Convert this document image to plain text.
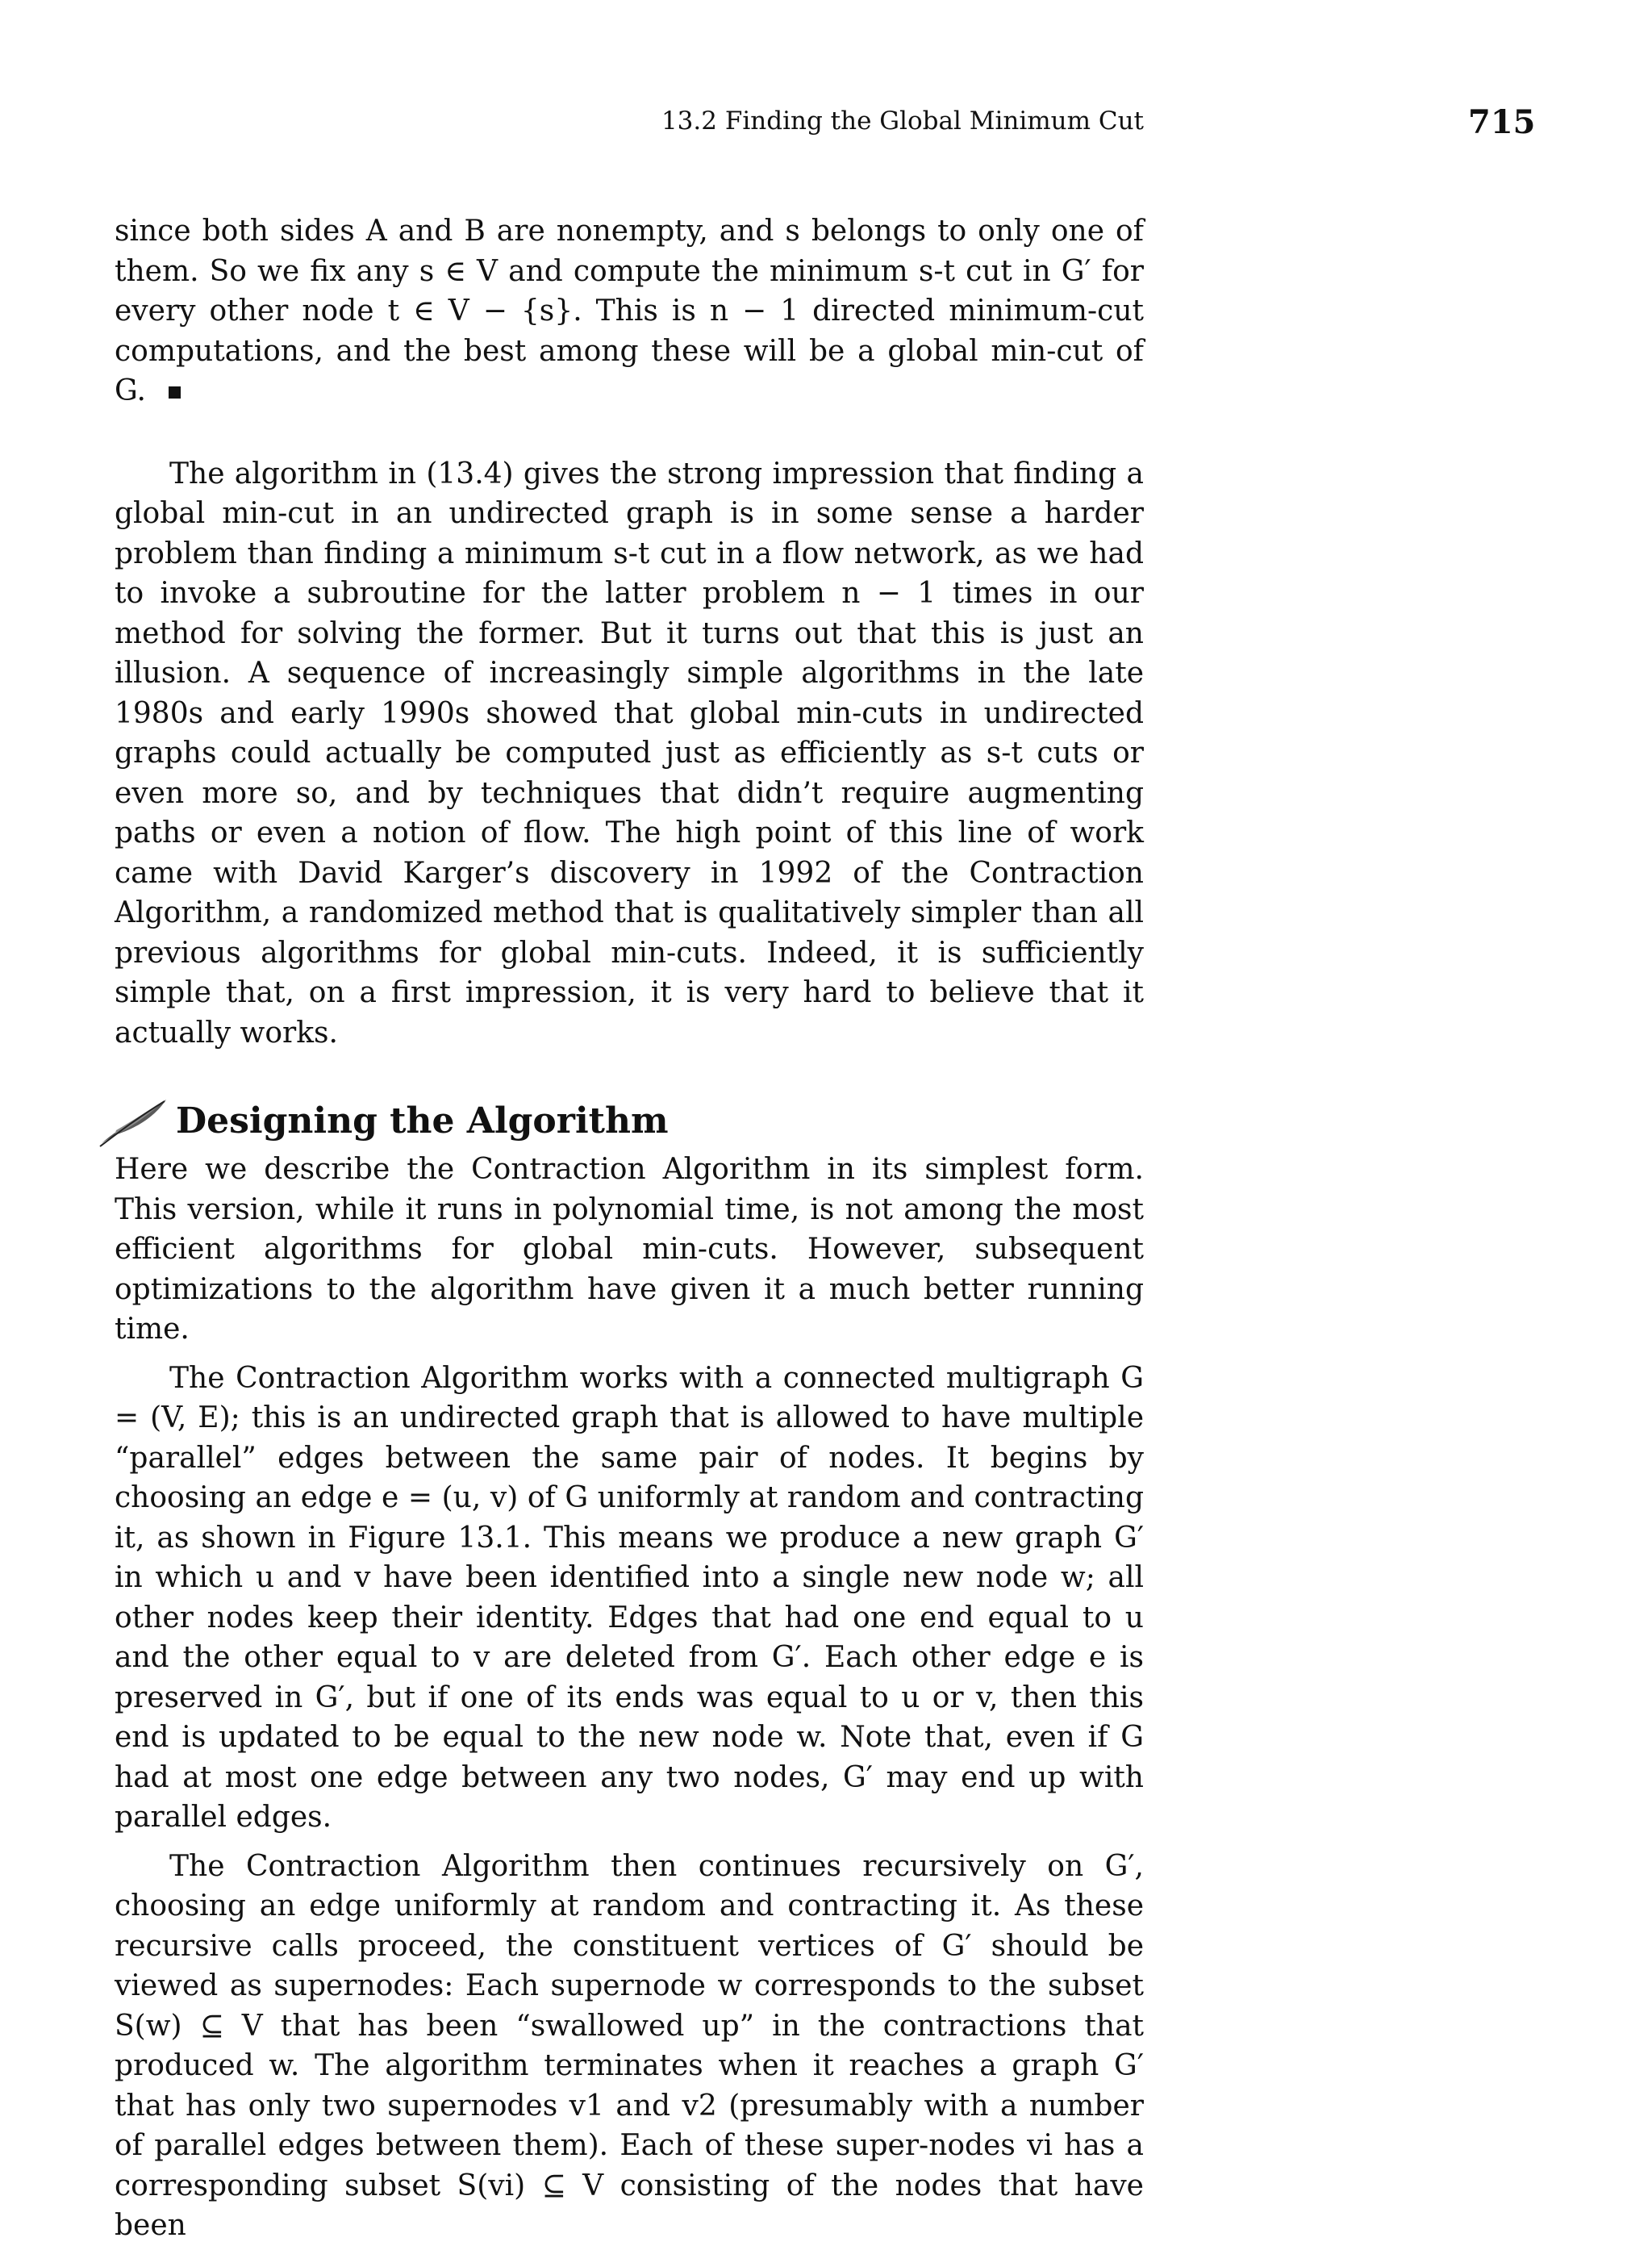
13.2 Finding the Global Minimum Cut	715

since both sides A and B are nonempty, and s belongs to only one of them. So we fix any s ∈ V and compute the minimum s-t cut in G′ for every other node t ∈ V − {s}. This is n − 1 directed minimum-cut computations, and the best among these will be a global min-cut of G.

The algorithm in (13.4) gives the strong impression that finding a global min-cut in an undirected graph is in some sense a harder problem than finding a minimum s-t cut in a flow network, as we had to invoke a subroutine for the latter problem n − 1 times in our method for solving the former. But it turns out that this is just an illusion. A sequence of increasingly simple algorithms in the late 1980s and early 1990s showed that global min-cuts in undirected graphs could actually be computed just as efficiently as s-t cuts or even more so, and by techniques that didn’t require augmenting paths or even a notion of flow. The high point of this line of work came with David Karger’s discovery in 1992 of the Contraction Algorithm, a randomized method that is qualitatively simpler than all previous algorithms for global min-cuts. Indeed, it is sufficiently simple that, on a first impression, it is very hard to believe that it actually works.

Designing the Algorithm

Here we describe the Contraction Algorithm in its simplest form. This version, while it runs in polynomial time, is not among the most efficient algorithms for global min-cuts. However, subsequent optimizations to the algorithm have given it a much better running time.

The Contraction Algorithm works with a connected multigraph G = (V, E); this is an undirected graph that is allowed to have multiple “parallel” edges between the same pair of nodes. It begins by choosing an edge e = (u, v) of G uniformly at random and contracting it, as shown in Figure 13.1. This means we produce a new graph G′ in which u and v have been identified into a single new node w; all other nodes keep their identity. Edges that had one end equal to u and the other equal to v are deleted from G′. Each other edge e is preserved in G′, but if one of its ends was equal to u or v, then this end is updated to be equal to the new node w. Note that, even if G had at most one edge between any two nodes, G′ may end up with parallel edges.

The Contraction Algorithm then continues recursively on G′, choosing an edge uniformly at random and contracting it. As these recursive calls proceed, the constituent vertices of G′ should be viewed as supernodes: Each supernode w corresponds to the subset S(w) ⊆ V that has been “swallowed up” in the contractions that produced w. The algorithm terminates when it reaches a graph G′ that has only two supernodes v1 and v2 (presumably with a number of parallel edges between them). Each of these super-nodes vi has a corresponding subset S(vi) ⊆ V consisting of the nodes that have been
